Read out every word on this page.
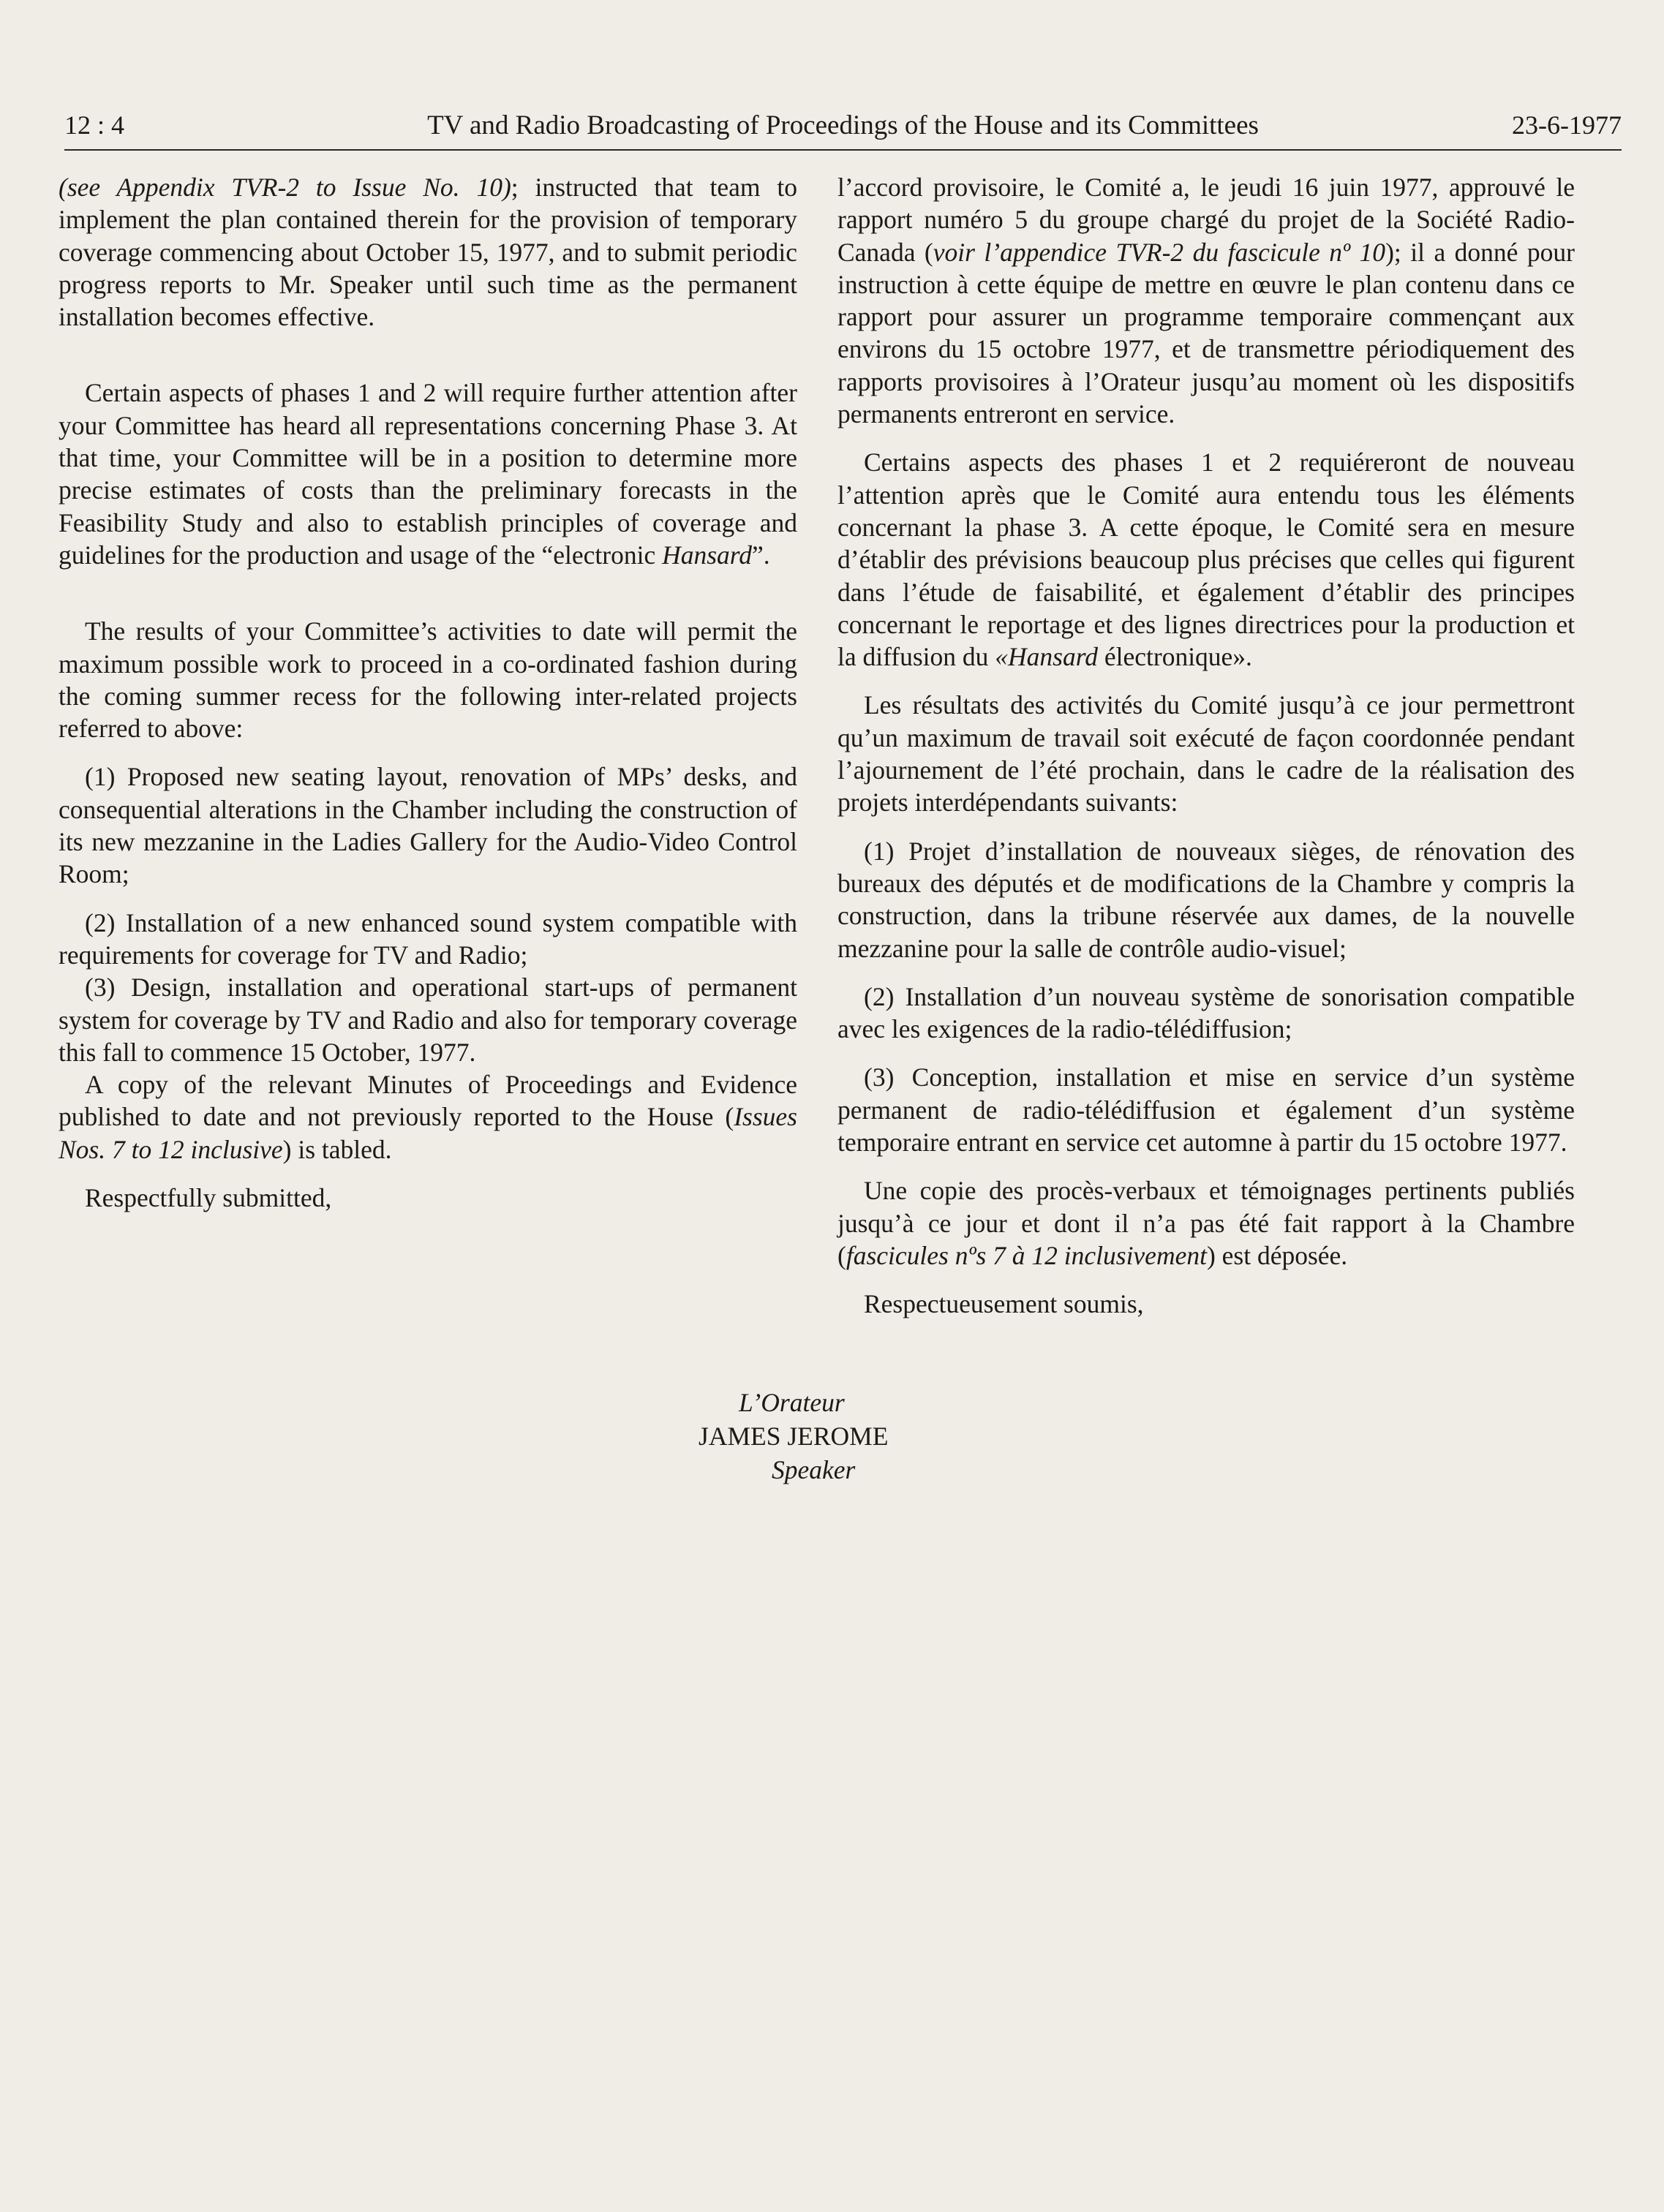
12 : 4	TV and Radio Broadcasting of Proceedings of the House and its Committees	23-6-1977

(see Appendix TVR-2 to Issue No. 10); instructed that team to implement the plan contained therein for the provision of temporary coverage commencing about October 15, 1977, and to submit periodic progress reports to Mr. Speaker until such time as the permanent installation becomes effective.

Certain aspects of phases 1 and 2 will require further attention after your Committee has heard all representations concerning Phase 3. At that time, your Committee will be in a position to determine more precise estimates of costs than the preliminary forecasts in the Feasibility Study and also to establish principles of coverage and guidelines for the production and usage of the “electronic Hansard”.

The results of your Committee’s activities to date will permit the maximum possible work to proceed in a co-ordinated fashion during the coming summer recess for the following inter-related projects referred to above:

(1) Proposed new seating layout, renovation of MPs’ desks, and consequential alterations in the Chamber including the construction of its new mezzanine in the Ladies Gallery for the Audio-Video Control Room;

(2) Installation of a new enhanced sound system compatible with requirements for coverage for TV and Radio;

(3) Design, installation and operational start-ups of permanent system for coverage by TV and Radio and also for temporary coverage this fall to commence 15 October, 1977.

A copy of the relevant Minutes of Proceedings and Evidence published to date and not previously reported to the House (Issues Nos. 7 to 12 inclusive) is tabled.

Respectfully submitted,

l’accord provisoire, le Comité a, le jeudi 16 juin 1977, approuvé le rapport numéro 5 du groupe chargé du projet de la Société Radio-Canada (voir l’appendice TVR-2 du fascicule nº 10); il a donné pour instruction à cette équipe de mettre en œuvre le plan contenu dans ce rapport pour assurer un programme temporaire commençant aux environs du 15 octobre 1977, et de transmettre périodiquement des rapports provisoires à l’Orateur jusqu’au moment où les dispositifs permanents entreront en service.

Certains aspects des phases 1 et 2 requiéreront de nouveau l’attention après que le Comité aura entendu tous les éléments concernant la phase 3. A cette époque, le Comité sera en mesure d’établir des prévisions beaucoup plus précises que celles qui figurent dans l’étude de faisabilité, et également d’établir des principes concernant le reportage et des lignes directrices pour la production et la diffusion du «Hansard électronique».

Les résultats des activités du Comité jusqu’à ce jour permettront qu’un maximum de travail soit exécuté de façon coordonnée pendant l’ajournement de l’été prochain, dans le cadre de la réalisation des projets interdépendants suivants:

(1) Projet d’installation de nouveaux sièges, de rénovation des bureaux des députés et de modifications de la Chambre y compris la construction, dans la tribune réservée aux dames, de la nouvelle mezzanine pour la salle de contrôle audio-visuel;

(2) Installation d’un nouveau système de sonorisation compatible avec les exigences de la radio-télédiffusion;

(3) Conception, installation et mise en service d’un système permanent de radio-télédiffusion et également d’un système temporaire entrant en service cet automne à partir du 15 octobre 1977.

Une copie des procès-verbaux et témoignages pertinents publiés jusqu’à ce jour et dont il n’a pas été fait rapport à la Chambre (fascicules nºs 7 à 12 inclusivement) est déposée.

Respectueusement soumis,

L’Orateur
JAMES JEROME
Speaker
